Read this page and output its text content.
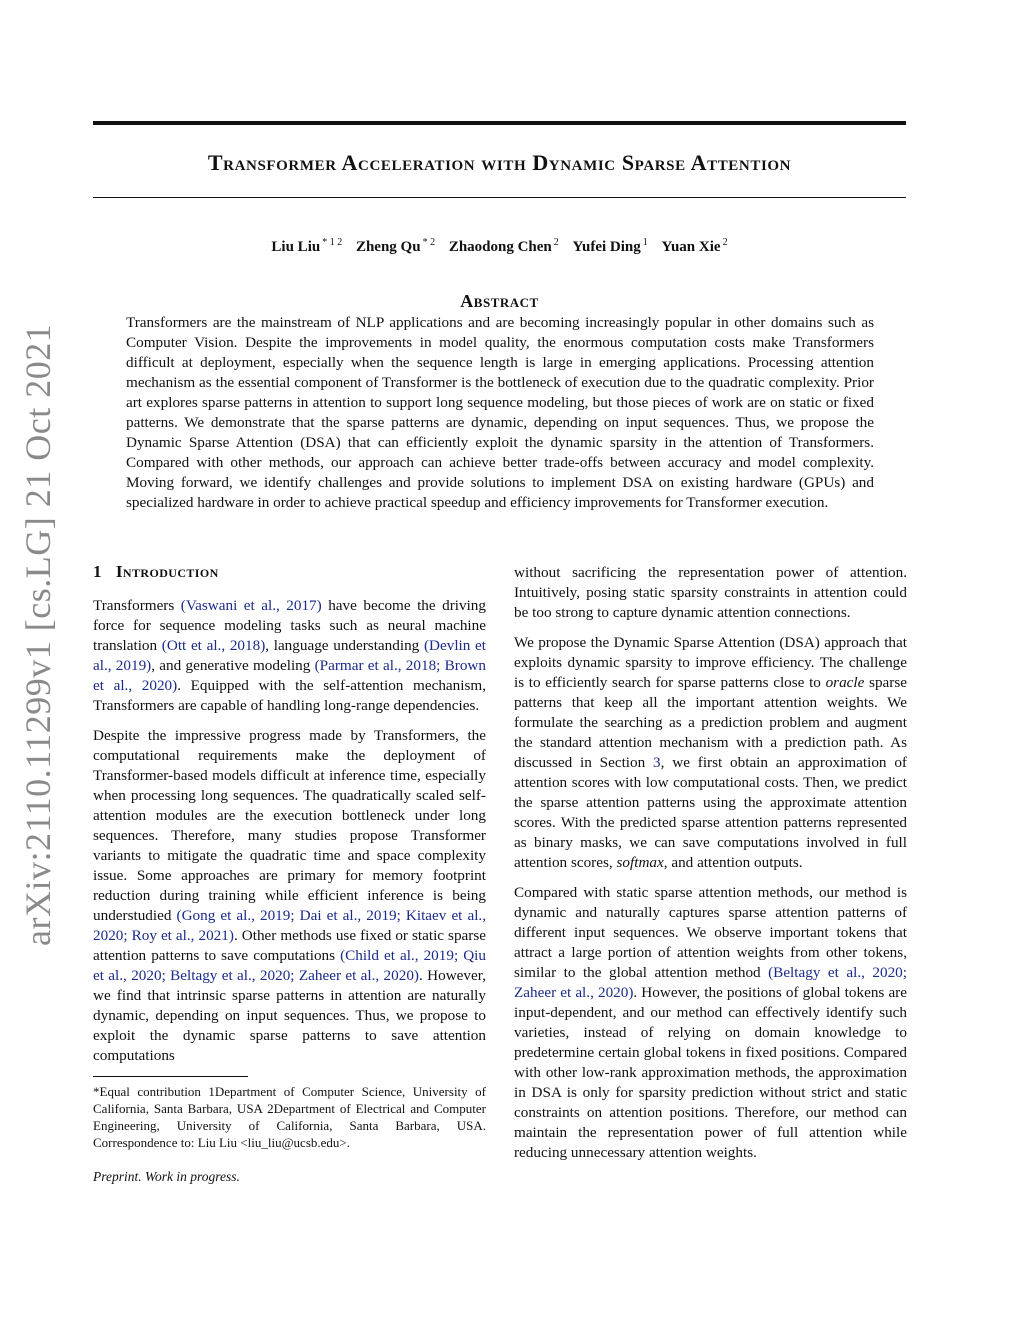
Transformer Acceleration with Dynamic Sparse Attention
Liu Liu $^{* 1 2}$ Zheng Qu $^{* 2}$ Zhaodong Chen $^2$ Yufei Ding $^1$ Yuan Xie $^2$
Abstract
Transformers are the mainstream of NLP applications and are becoming increasingly popular in other domains such as Computer Vision. Despite the improvements in model quality, the enormous computation costs make Transformers difficult at deployment, especially when the sequence length is large in emerging applications. Processing attention mechanism as the essential component of Transformer is the bottleneck of execution due to the quadratic complexity. Prior art explores sparse patterns in attention to support long sequence modeling, but those pieces of work are on static or fixed patterns. We demonstrate that the sparse patterns are dynamic, depending on input sequences. Thus, we propose the Dynamic Sparse Attention (DSA) that can efficiently exploit the dynamic sparsity in the attention of Transformers. Compared with other methods, our approach can achieve better trade-offs between accuracy and model complexity. Moving forward, we identify challenges and provide solutions to implement DSA on existing hardware (GPUs) and specialized hardware in order to achieve practical speedup and efficiency improvements for Transformer execution.
arXiv:2110.11299v1 [cs.LG] 21 Oct 2021 1 Introduction

Transformers (Vaswani et al., 2017) have become the driving force for sequence modeling tasks such as neural machine translation (Ott et al., 2018), language understanding (Devlin et al., 2019), and generative modeling (Parmar et al., 2018; Brown et al., 2020). Equipped with the self-attention mechanism, Transformers are capable of handling long-range dependencies.

Despite the impressive progress made by Transformers, the computational requirements make the deployment of Transformer-based models difficult at inference time, especially when processing long sequences. The quadratically scaled self-attention modules are the execution bottleneck under long sequences. Therefore, many studies propose Transformer variants to mitigate the quadratic time and space complexity issue. Some approaches are primary for memory footprint reduction during training while efficient inference is being understudied (Gong et al., 2019; Dai et al., 2019; Kitaev et al., 2020; Roy et al., 2021). Other methods use fixed or static sparse attention patterns to save computations (Child et al., 2019; Qiu et al., 2020; Beltagy et al., 2020; Zaheer et al., 2020). However, we find that intrinsic sparse patterns in attention are naturally dynamic, depending on input sequences. Thus, we propose to exploit the dynamic sparse patterns to save attention computations

*Equal contribution 1Department of Computer Science, University of California, Santa Barbara, USA 2Department of Electrical and Computer Engineering, University of California, Santa Barbara, USA. Correspondence to: Liu Liu <liu_liu@ucsb.edu>.
Preprint. Work in progress.

without sacrificing the representation power of attention. Intuitively, posing static sparsity constraints in attention could be too strong to capture dynamic attention connections.

We propose the Dynamic Sparse Attention (DSA) approach that exploits dynamic sparsity to improve efficiency. The challenge is to efficiently search for sparse patterns close to oracle sparse patterns that keep all the important attention weights. We formulate the searching as a prediction problem and augment the standard attention mechanism with a prediction path. As discussed in Section 3, we first obtain an approximation of attention scores with low computational costs. Then, we predict the sparse attention patterns using the approximate attention scores. With the predicted sparse attention patterns represented as binary masks, we can save computations involved in full attention scores, softmax, and attention outputs.

Compared with static sparse attention methods, our method is dynamic and naturally captures sparse attention patterns of different input sequences. We observe important tokens that attract a large portion of attention weights from other tokens, similar to the global attention method (Beltagy et al., 2020; Zaheer et al., 2020). However, the positions of global tokens are input-dependent, and our method can effectively identify such varieties, instead of relying on domain knowledge to predetermine certain global tokens in fixed positions. Compared with other low-rank approximation methods, the approximation in DSA is only for sparsity prediction without strict and static constraints on attention positions. Therefore, our method can maintain the representation power of full attention while reducing unnecessary attention weights.
